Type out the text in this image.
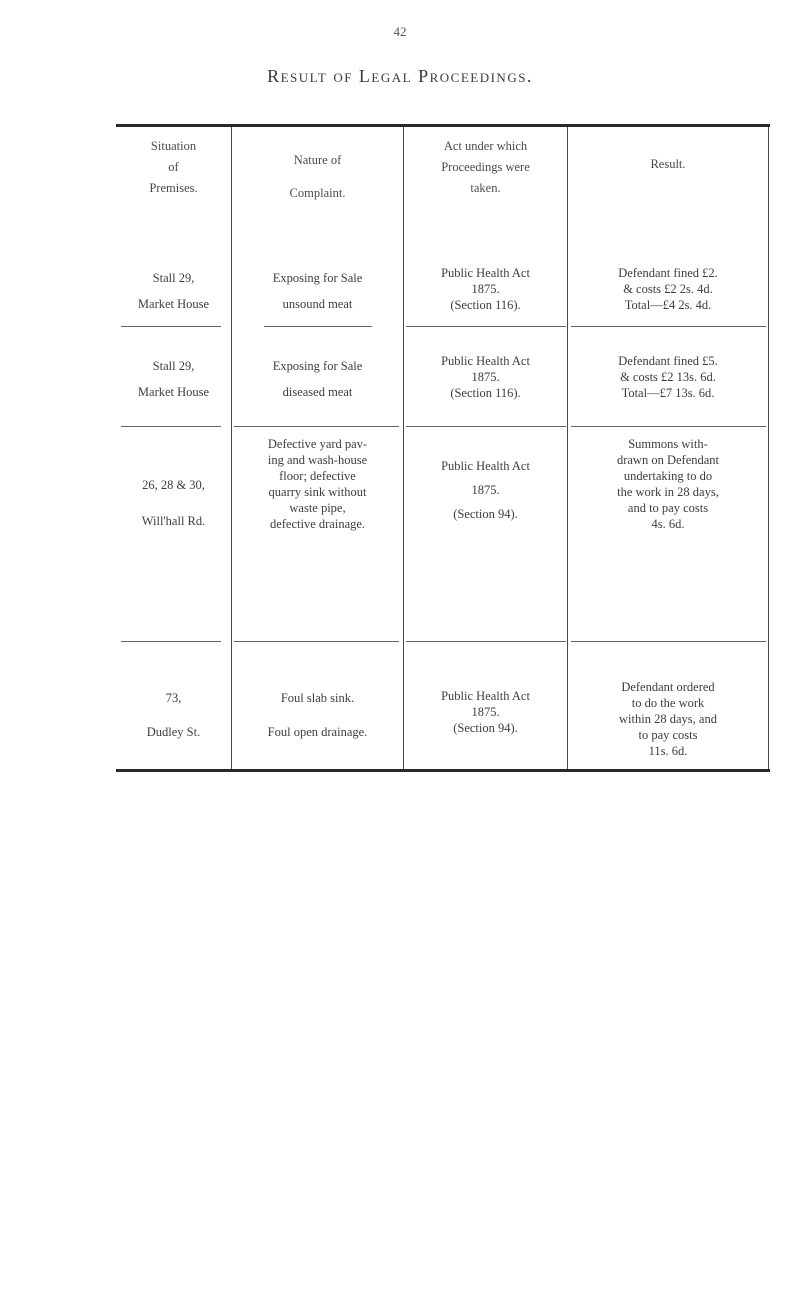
42
Result of Legal Proceedings.
Situation
of
Premises.
Nature of
Complaint.
Act under which
Proceedings were
taken.
Result.
Stall 29,
Market House
Exposing for Sale
unsound meat
Public Health Act
1875.
(Section 116).
Defendant fined £2.
& costs £2 2s. 4d.
Total—£4 2s. 4d.
Stall 29,
Market House
Exposing for Sale
diseased meat
Public Health Act
1875.
(Section 116).
Defendant fined £5.
& costs £2 13s. 6d.
Total—£7 13s. 6d.
26, 28 & 30,
Will'hall Rd.
Defective yard pav-
ing and wash-house
floor; defective
quarry sink without
waste pipe,
defective drainage.
Public Health Act
1875.
(Section 94).
Summons with-
drawn on Defendant
undertaking to do
the work in 28 days,
and to pay costs
4s. 6d.
73,
Dudley St.
Foul slab sink.
Foul open drainage.
Public Health Act
1875.
(Section 94).
Defendant ordered
to do the work
within 28 days, and
to pay costs
11s. 6d.
